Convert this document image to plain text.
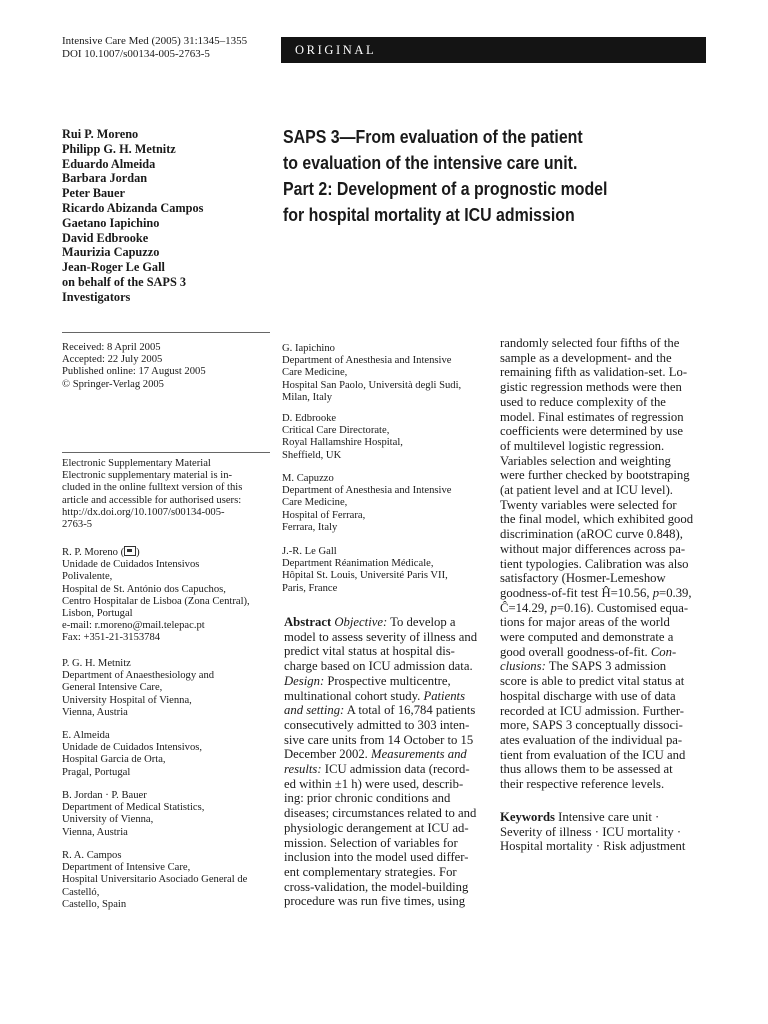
Intensive Care Med (2005) 31:1345–1355
DOI 10.1007/s00134-005-2763-5	ORIGINAL
Rui P. Moreno
Philipp G. H. Metnitz
Eduardo Almeida
Barbara Jordan
Peter Bauer
Ricardo Abizanda Campos
Gaetano Iapichino
David Edbrooke
Maurizia Capuzzo
Jean-Roger Le Gall
on behalf of the SAPS 3
Investigators
SAPS 3—From evaluation of the patient
to evaluation of the intensive care unit.
Part 2: Development of a prognostic model
for hospital mortality at ICU admission
Received: 8 April 2005
Accepted: 22 July 2005
Published online: 17 August 2005
© Springer-Verlag 2005
Electronic Supplementary Material
Electronic supplementary material is in-
cluded in the online fulltext version of this
article and accessible for authorised users:
http://dx.doi.org/10.1007/s00134-005-
2763-5
R. P. Moreno ( )
Unidade de Cuidados Intensivos
Polivalente,
Hospital de St. António dos Capuchos,
Centro Hospitalar de Lisboa (Zona Central),
Lisbon, Portugal
e-mail: r.moreno@mail.telepac.pt
Fax: +351-21-3153784
P. G. H. Metnitz
Department of Anaesthesiology and
General Intensive Care,
University Hospital of Vienna,
Vienna, Austria
E. Almeida
Unidade de Cuidados Intensivos,
Hospital Garcia de Orta,
Pragal, Portugal
B. Jordan · P. Bauer
Department of Medical Statistics,
University of Vienna,
Vienna, Austria
R. A. Campos
Department of Intensive Care,
Hospital Universitario Asociado General de
Castelló,
Castello, Spain
G. Iapichino
Department of Anesthesia and Intensive
Care Medicine,
Hospital San Paolo, Università degli Sudi,
Milan, Italy
D. Edbrooke
Critical Care Directorate,
Royal Hallamshire Hospital,
Sheffield, UK
M. Capuzzo
Department of Anesthesia and Intensive
Care Medicine,
Hospital of Ferrara,
Ferrara, Italy
J.-R. Le Gall
Department Réanimation Médicale,
Hôpital St. Louis, Université Paris VII,
Paris, France
Abstract Objective: To develop a
model to assess severity of illness and
predict vital status at hospital dis-
charge based on ICU admission data.
Design: Prospective multicentre,
multinational cohort study. Patients
and setting: A total of 16,784 patients
consecutively admitted to 303 inten-
sive care units from 14 October to 15
December 2002. Measurements and
results: ICU admission data (record-
ed within ±1 h) were used, describ-
ing: prior chronic conditions and
diseases; circumstances related to and
physiologic derangement at ICU ad-
mission. Selection of variables for
inclusion into the model used differ-
ent complementary strategies. For
cross-validation, the model-building
procedure was run five times, using
randomly selected four fifths of the
sample as a development- and the
remaining fifth as validation-set. Lo-
gistic regression methods were then
used to reduce complexity of the
model. Final estimates of regression
coefficients were determined by use
of multilevel logistic regression.
Variables selection and weighting
were further checked by bootstraping
(at patient level and at ICU level).
Twenty variables were selected for
the final model, which exhibited good
discrimination (aROC curve 0.848),
without major differences across pa-
tient typologies. Calibration was also
satisfactory (Hosmer-Lemeshow
goodness-of-fit test Ĥ=10.56, p=0.39,
Ĉ=14.29, p=0.16). Customised equa-
tions for major areas of the world
were computed and demonstrate a
good overall goodness-of-fit. Con-
clusions: The SAPS 3 admission
score is able to predict vital status at
hospital discharge with use of data
recorded at ICU admission. Further-
more, SAPS 3 conceptually dissoci-
ates evaluation of the individual pa-
tient from evaluation of the ICU and
thus allows them to be assessed at
their respective reference levels.
Keywords Intensive care unit ·
Severity of illness · ICU mortality ·
Hospital mortality · Risk adjustment
